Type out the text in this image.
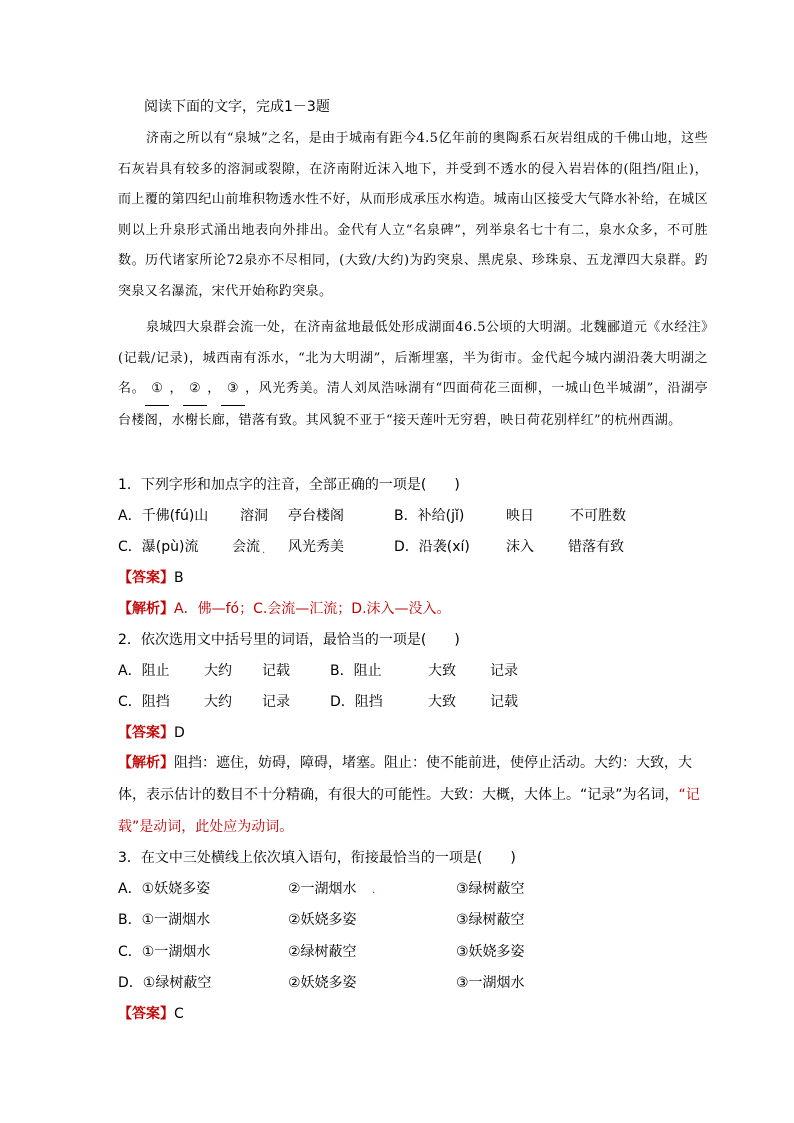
阅读下面的文字，完成1－3题
济南之所以有“泉城”之名，是由于城南有距今4.5亿年前的奥陶系石灰岩组成的千佛山地，这些石灰岩具有较多的溶洞或裂隙，在济南附近沫入地下，并受到不透水的侵入岩岩体的(阻挡/阻止)，而上覆的第四纪山前堆积物透水性不好，从而形成承压水构造。城南山区接受大气降水补给，在城区则以上升泉形式涌出地表向外排出。金代有人立“名泉碑”，列举泉名七十有二，泉水众多，不可胜数。历代诸家所论72泉亦不尽相同，(大致/大约)为趵突泉、黑虎泉、珍珠泉、五龙潭四大泉群。趵突泉又名瀑流，宋代开始称趵突泉。
泉城四大泉群会流一处，在济南盆地最低处形成湖面46.5公顷的大明湖。北魏郦道元《水经注》(记载/记录)，城西南有泺水，“北为大明湖”，后渐埋塞，半为街市。金代起今城内湖沿袭大明湖之名。 ① ， ② ， ③ ，风光秀美。清人刘凤浩咏湖有“四面荷花三面柳，一城山色半城湖”，沿湖亭台楼阁，水榭长廊，错落有致。其风貌不亚于“接天莲叶无穷碧，映日荷花别样红”的杭州西湖。
1．下列字形和加点字的注音，全部正确的一项是(　　)
A．千佛(fú)山 溶洞 亭台楼阁	B．补给(jǐ)	映日	不可胜数
C．瀑(pù)流 会流 风光秀美	D．沿袭(xí)	沫入 错落有致
.
【答案】B
【解析】A．佛—fó；C.会流—汇流；D.沫入—没入。
2．依次选用文中括号里的词语，最恰当的一项是(　　)
A．阻止 大约 记载	B．阻止	大致 记录
C．阻挡 大约 记录	D．阻挡	大致 记载
【答案】D
【解析】阻挡：遮住，妨碍，障碍，堵塞。阻止：使不能前进，使停止活动。大约：大致，大体，表示估计的数目不十分精确，有很大的可能性。大致：大概，大体上。“记录”为名词，“记载”是动词，此处应为动词。
3．在文中三处横线上依次填入语句，衔接最恰当的一项是(　　)
A．①妖娆多姿	②一湖烟水	③绿树蔽空
.
B．①一湖烟水	②妖娆多姿	③绿树蔽空
C．①一湖烟水	②绿树蔽空	③妖娆多姿
D．①绿树蔽空	②妖娆多姿	③一湖烟水
【答案】C
